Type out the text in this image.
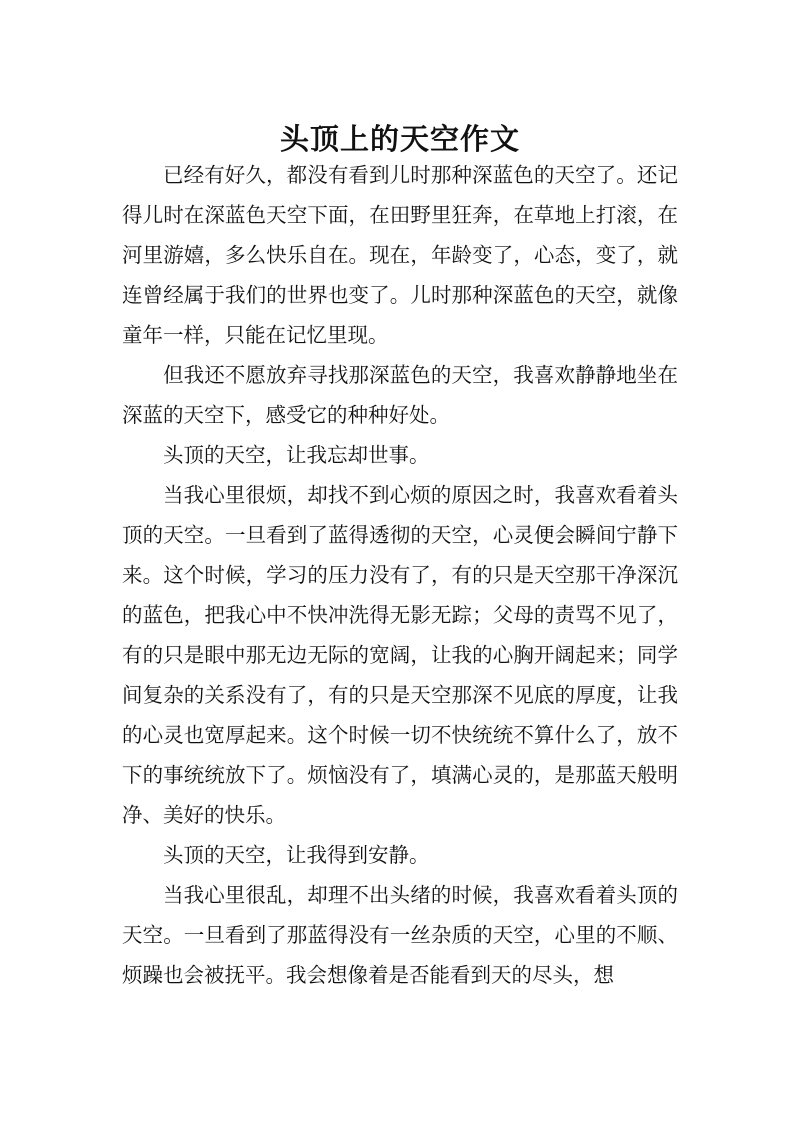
头顶上的天空作文

已经有好久，都没有看到儿时那种深蓝色的天空了。还记得儿时在深蓝色天空下面，在田野里狂奔，在草地上打滚，在河里游嬉，多么快乐自在。现在，年龄变了，心态，变了，就连曾经属于我们的世界也变了。儿时那种深蓝色的天空，就像童年一样，只能在记忆里现。

但我还不愿放弃寻找那深蓝色的天空，我喜欢静静地坐在深蓝的天空下，感受它的种种好处。

头顶的天空，让我忘却世事。

当我心里很烦，却找不到心烦的原因之时，我喜欢看着头顶的天空。一旦看到了蓝得透彻的天空，心灵便会瞬间宁静下来。这个时候，学习的压力没有了，有的只是天空那干净深沉的蓝色，把我心中不快冲洗得无影无踪；父母的责骂不见了，有的只是眼中那无边无际的宽阔，让我的心胸开阔起来；同学间复杂的关系没有了，有的只是天空那深不见底的厚度，让我的心灵也宽厚起来。这个时候一切不快统统不算什么了，放不下的事统统放下了。烦恼没有了，填满心灵的，是那蓝天般明净、美好的快乐。

头顶的天空，让我得到安静。

当我心里很乱，却理不出头绪的时候，我喜欢看着头顶的天空。一旦看到了那蓝得没有一丝杂质的天空，心里的不顺、烦躁也会被抚平。我会想像着是否能看到天的尽头，想
